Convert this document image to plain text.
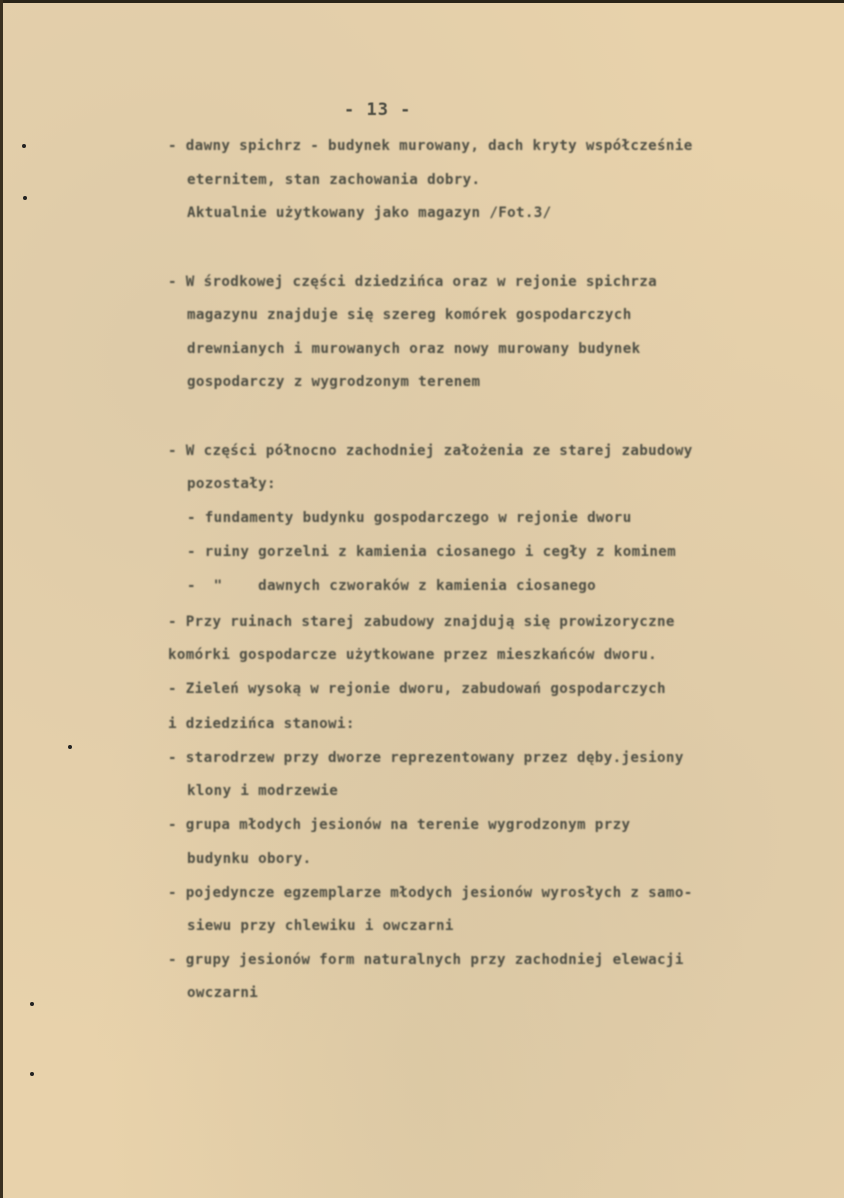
- 13 -
- dawny spichrz - budynek murowany, dach kryty współcześnie
eternitem, stan zachowania dobry.
Aktualnie użytkowany jako magazyn /Fot.3/
- W środkowej części dziedzińca oraz w rejonie spichrza
magazynu znajduje się szereg komórek gospodarczych
drewnianych i murowanych oraz nowy murowany budynek
gospodarczy z wygrodzonym terenem
- W części północno zachodniej założenia ze starej zabudowy
pozostały:
- fundamenty budynku gospodarczego w rejonie dworu
- ruiny gorzelni z kamienia ciosanego i cegły z kominem
-  "    dawnych czworaków z kamienia ciosanego
- Przy ruinach starej zabudowy znajdują się prowizoryczne
komórki gospodarcze użytkowane przez mieszkańców dworu.
- Zieleń wysoką w rejonie dworu, zabudowań gospodarczych
i dziedzińca stanowi:
- starodrzew przy dworze reprezentowany przez dęby.jesiony
klony i modrzewie
- grupa młodych jesionów na terenie wygrodzonym przy
budynku obory.
- pojedyncze egzemplarze młodych jesionów wyrosłych z samo-
siewu przy chlewiku i owczarni
- grupy jesionów form naturalnych przy zachodniej elewacji
owczarni
